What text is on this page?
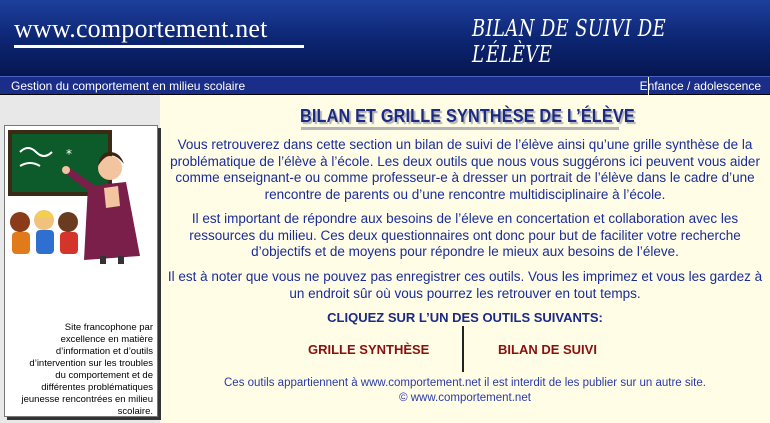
www.comportement.net	BILAN DE SUIVI DE L’ÉLÈVE
Gestion du comportement en milieu scolaire	Enfance / adolescence
*
Site francophone par excellence en matière d’information et d’outils d’intervention sur les troubles du comportement et de différentes problématiques jeunesse rencontrées en milieu scolaire.
BILAN ET GRILLE SYNTHÈSE DE L’ÉLÈVE
Vous retrouverez dans cette section un bilan de suivi de l’élève ainsi qu’une grille synthèse de la problématique de l’élève à l’école. Les deux outils que nous vous suggérons ici peuvent vous aider comme enseignant-e ou comme professeur-e à dresser un portrait de l’élève dans le cadre d’une rencontre de parents ou d’une rencontre multidisciplinaire à l’école.
Il est important de répondre aux besoins de l’éleve en concertation et collaboration avec les ressources du milieu. Ces deux questionnaires ont donc pour but de faciliter votre recherche d’objectifs et de moyens pour répondre le mieux aux besoins de l’éleve.
Il est à noter que vous ne pouvez pas enregistrer ces outils. Vous les imprimez et vous les gardez à un endroit sûr où vous pourrez les retrouver en tout temps.
CLIQUEZ SUR L’UN DES OUTILS SUIVANTS:
GRILLE SYNTHÈSE	BILAN DE SUIVI
Ces outils appartiennent à www.comportement.net il est interdit de les publier sur un autre site.
© www.comportement.net
